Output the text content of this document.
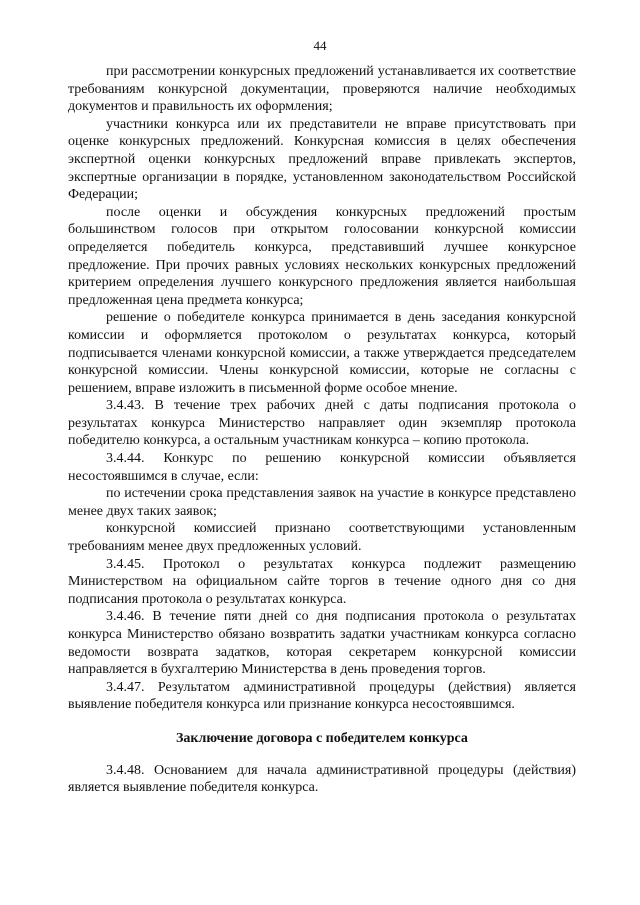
44

при рассмотрении конкурсных предложений устанавливается их соответствие требованиям конкурсной документации, проверяются наличие необходимых документов и правильность их оформления;

участники конкурса или их представители не вправе присутствовать при оценке конкурсных предложений. Конкурсная комиссия в целях обеспечения экспертной оценки конкурсных предложений вправе привлекать экспертов, экспертные организации в порядке, установленном законодательством Российской Федерации;

после оценки и обсуждения конкурсных предложений простым большинством голосов при открытом голосовании конкурсной комиссии определяется победитель конкурса, представивший лучшее конкурсное предложение. При прочих равных условиях нескольких конкурсных предложений критерием определения лучшего конкурсного предложения является наибольшая предложенная цена предмета конкурса;

решение о победителе конкурса принимается в день заседания конкурсной комиссии и оформляется протоколом о результатах конкурса, который подписывается членами конкурсной комиссии, а также утверждается председателем конкурсной комиссии. Члены конкурсной комиссии, которые не согласны с решением, вправе изложить в письменной форме особое мнение.

3.4.43. В течение трех рабочих дней с даты подписания протокола о результатах конкурса Министерство направляет один экземпляр протокола победителю конкурса, а остальным участникам конкурса – копию протокола.

3.4.44. Конкурс по решению конкурсной комиссии объявляется несостоявшимся в случае, если:

по истечении срока представления заявок на участие в конкурсе представлено менее двух таких заявок;

конкурсной комиссией признано соответствующими установленным требованиям менее двух предложенных условий.

3.4.45. Протокол о результатах конкурса подлежит размещению Министерством на официальном сайте торгов в течение одного дня со дня подписания протокола о результатах конкурса.

3.4.46. В течение пяти дней со дня подписания протокола о результатах конкурса Министерство обязано возвратить задатки участникам конкурса согласно ведомости возврата задатков, которая секретарем конкурсной комиссии направляется в бухгалтерию Министерства в день проведения торгов.

3.4.47. Результатом административной процедуры (действия) является выявление победителя конкурса или признание конкурса несостоявшимся.

Заключение договора с победителем конкурса

3.4.48. Основанием для начала административной процедуры (действия) является выявление победителя конкурса.
